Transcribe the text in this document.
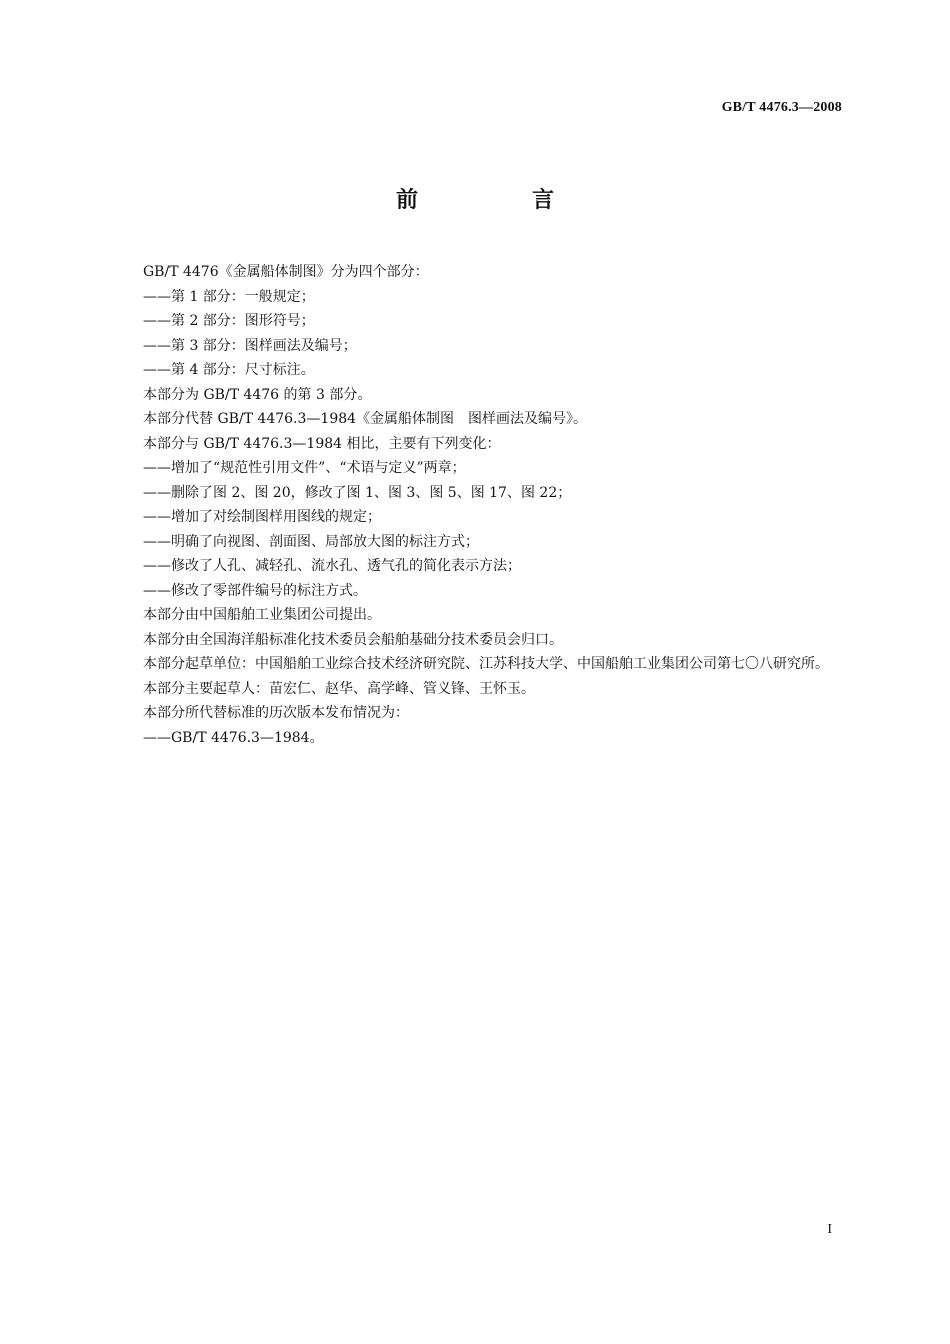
GB/T 4476.3—2008
前　言

GB/T 4476《金属船体制图》分为四个部分：

——第 1 部分：一般规定；

——第 2 部分：图形符号；

——第 3 部分：图样画法及编号；

——第 4 部分：尺寸标注。

本部分为 GB/T 4476 的第 3 部分。

本部分代替 GB/T 4476.3—1984《金属船体制图　图样画法及编号》。

本部分与 GB/T 4476.3—1984 相比，主要有下列变化：

——增加了“规范性引用文件”、“术语与定义”两章；

——删除了图 2、图 20，修改了图 1、图 3、图 5、图 17、图 22；

——增加了对绘制图样用图线的规定；

——明确了向视图、剖面图、局部放大图的标注方式；

——修改了人孔、减轻孔、流水孔、透气孔的简化表示方法；

——修改了零部件编号的标注方式。

本部分由中国船舶工业集团公司提出。

本部分由全国海洋船标准化技术委员会船舶基础分技术委员会归口。

本部分起草单位：中国船舶工业综合技术经济研究院、江苏科技大学、中国船舶工业集团公司第七〇八研究所。

本部分主要起草人：苗宏仁、赵华、高学峰、管义锋、王怀玉。

本部分所代替标准的历次版本发布情况为：

——GB/T 4476.3—1984。

I
